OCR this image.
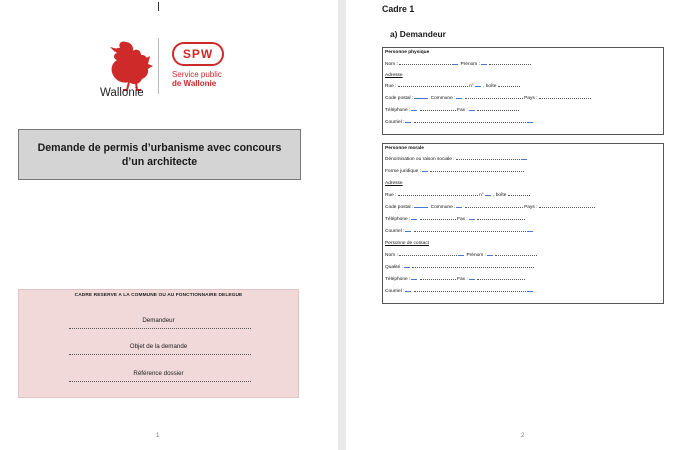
Wallonie
SPW
Service public
de Wallonie
Demande de permis d’urbanisme avec concours d’un architecte
CADRE RESERVE A LA COMMUNE OU AU FONCTIONNAIRE DELEGUE
Demandeur
Objet de la demande
Référence dossier
1
Cadre 1
a) Demandeur
Personne physique
Nom :	Prénom :
Adresse
Rue :	n° , boîte
Code postal :	Commune :	Pays :
Téléphone :	Fax :
Courriel :
Personne morale
Dénomination ou raison sociale :
Forme juridique :
Adresse
Rue :	n° , boîte
Code postal :	Commune :	Pays :
Téléphone :	Fax :
Courriel :
Personne de contact
Nom :	Prénom :
Qualité :
Téléphone :	Fax :
Courriel :
2
